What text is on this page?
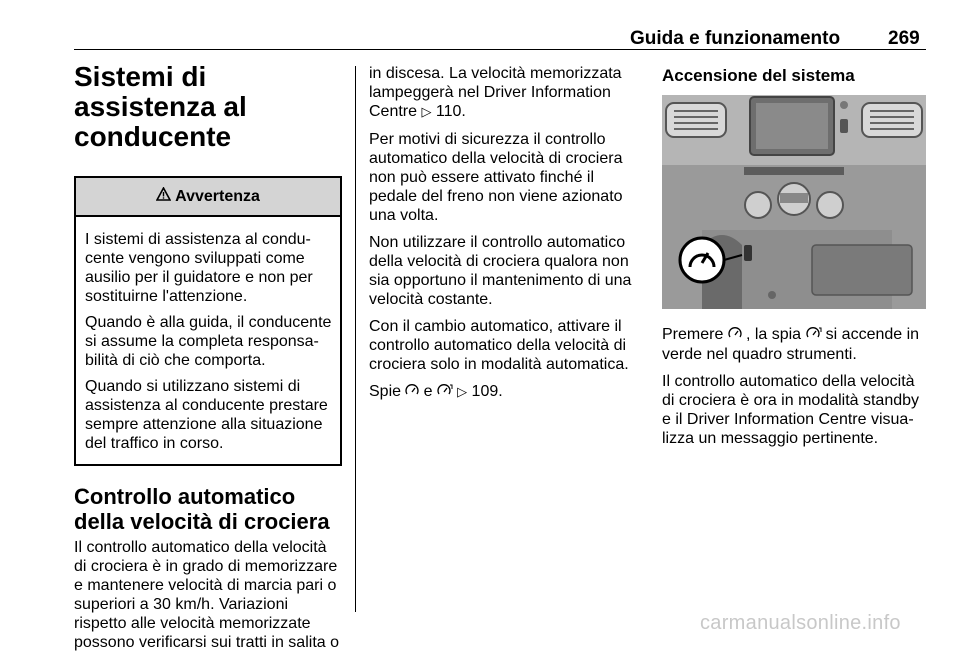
Guida e funzionamento	269
Sistemi di assistenza al conducente
Avvertenza

I sistemi di assistenza al condu-cente vengono sviluppati come ausilio per il guidatore e non per sostituirne l'attenzione.

Quando è alla guida, il conducente si assume la completa responsa-bilità di ciò che comporta.

Quando si utilizzano sistemi di assistenza al conducente prestare sempre attenzione alla situazione del traffico in corso.

Controllo automatico della velocità di crociera

Il controllo automatico della velocità di crociera è in grado di memorizzare e mantenere velocità di marcia pari o superiori a 30 km/h. Variazioni rispetto alle velocità memorizzate possono verificarsi sui tratti in salita o

in discesa. La velocità memorizzata lampeggerà nel Driver Information Centre ▷ 110.

Per motivi di sicurezza il controllo automatico della velocità di crociera non può essere attivato finché il pedale del freno non viene azionato una volta.

Non utilizzare il controllo automatico della velocità di crociera qualora non sia opportuno il mantenimento di una velocità costante.

Con il cambio automatico, attivare il controllo automatico della velocità di crociera solo in modalità automatica.

Spie  e  ▷ 109.

Accensione del sistema

Premere  , la spia  si accende in verde nel quadro strumenti.

Il controllo automatico della velocità di crociera è ora in modalità standby e il Driver Information Centre visua-lizza un messaggio pertinente.

carmanualsonline.info
